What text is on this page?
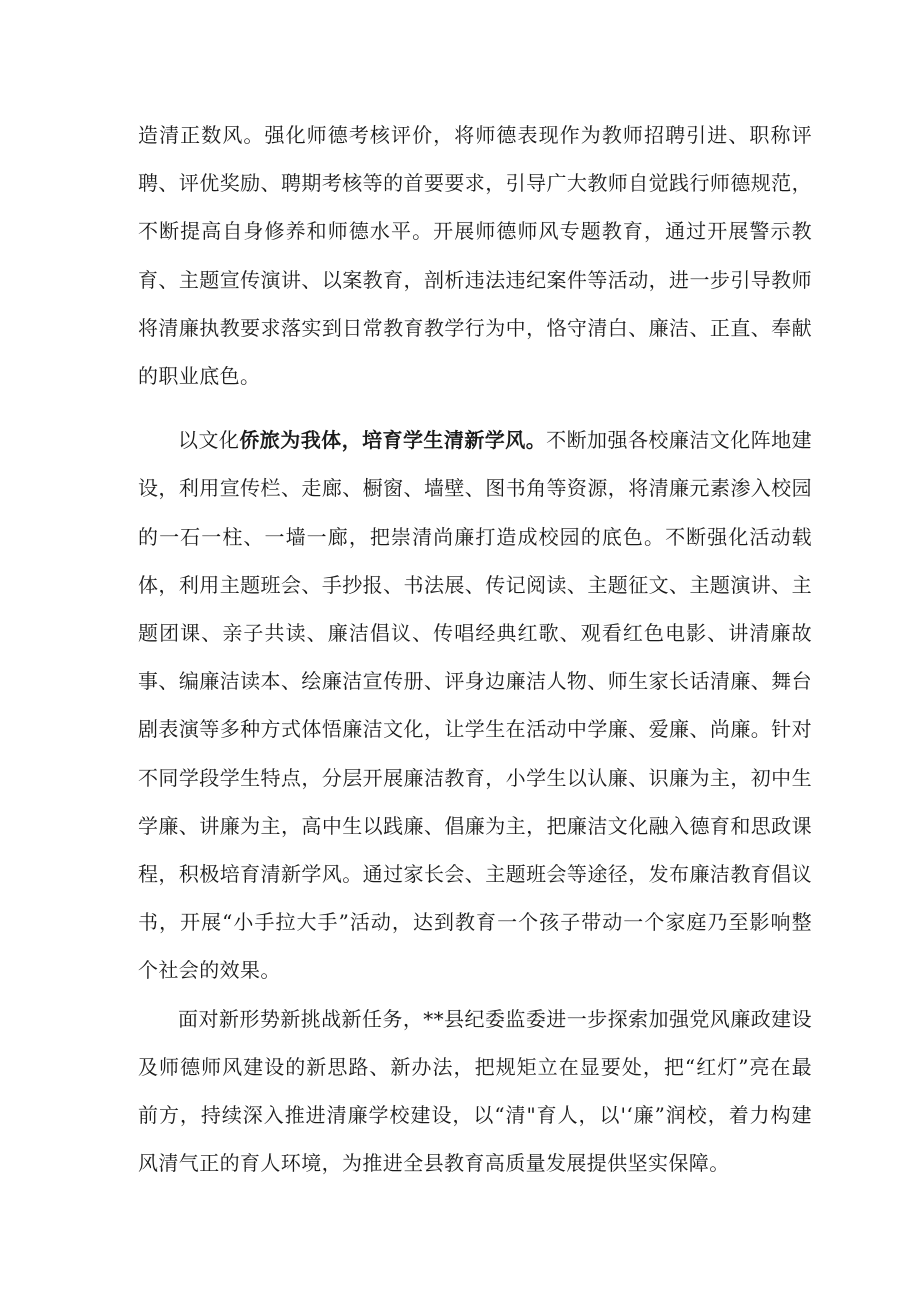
造清正数风。强化师德考核评价，将师德表现作为教师招聘引进、职称评聘、评优奖励、聘期考核等的首要要求，引导广大教师自觉践行师德规范，不断提高自身修养和师德水平。开展师德师风专题教育，通过开展警示教育、主题宣传演讲、以案教育，剖析违法违纪案件等活动，进一步引导教师将清廉执教要求落实到日常教育教学行为中，恪守清白、廉洁、正直、奉献的职业底色。

以文化侨旅为我体，培育学生清新学风。不断加强各校廉洁文化阵地建设，利用宣传栏、走廊、橱窗、墙壁、图书角等资源，将清廉元素渗入校园的一石一柱、一墙一廊，把崇清尚廉打造成校园的底色。不断强化活动载体，利用主题班会、手抄报、书法展、传记阅读、主题征文、主题演讲、主题团课、亲子共读、廉洁倡议、传唱经典红歌、观看红色电影、讲清廉故事、编廉洁读本、绘廉洁宣传册、评身边廉洁人物、师生家长话清廉、舞台剧表演等多种方式体悟廉洁文化，让学生在活动中学廉、爱廉、尚廉。针对不同学段学生特点，分层开展廉洁教育，小学生以认廉、识廉为主，初中生学廉、讲廉为主，高中生以践廉、倡廉为主，把廉洁文化融入德育和思政课程，积极培育清新学风。通过家长会、主题班会等途径，发布廉洁教育倡议书，开展“小手拉大手”活动，达到教育一个孩子带动一个家庭乃至影响整个社会的效果。

面对新形势新挑战新任务，**县纪委监委进一步探索加强党风廉政建设及师德师风建设的新思路、新办法，把规矩立在显要处，把“红灯”亮在最前方，持续深入推进清廉学校建设，以“清"育人，以'‘廉”润校，着力构建风清气正的育人环境，为推进全县教育高质量发展提供坚实保障。
